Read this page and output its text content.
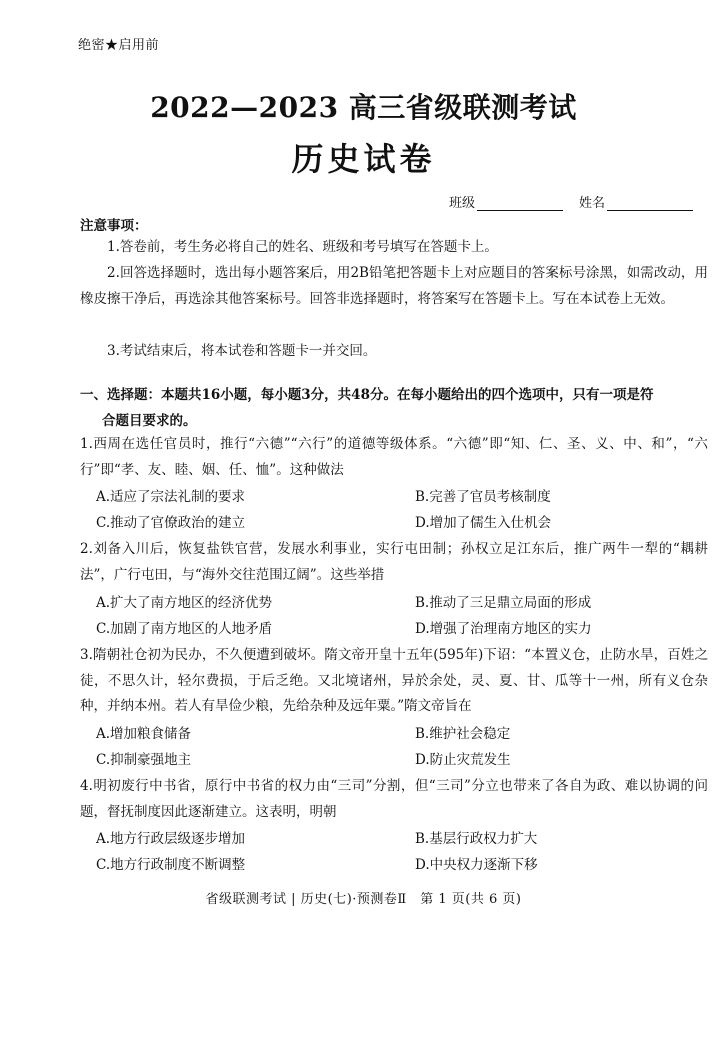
绝密★启用前
2022—2023 高三省级联测考试
历史试卷
班级	姓名
注意事项：
1.答卷前，考生务必将自己的姓名、班级和考号填写在答题卡上。
2.回答选择题时，选出每小题答案后，用2B铅笔把答题卡上对应题目的答案标号涂黑，如需改动，用橡皮擦干净后，再选涂其他答案标号。回答非选择题时，将答案写在答题卡上。写在本试卷上无效。
3.考试结束后，将本试卷和答题卡一并交回。
一、选择题：本题共16小题，每小题3分，共48分。在每小题给出的四个选项中，只有一项是符
合题目要求的。
1.西周在选任官员时，推行“六德”“六行”的道德等级体系。“六德”即“知、仁、圣、义、中、和”，“六行”即“孝、友、睦、姻、任、恤”。这种做法
A.适应了宗法礼制的要求	B.完善了官员考核制度
C.推动了官僚政治的建立	D.增加了儒生入仕机会
2.刘备入川后，恢复盐铁官营，发展水利事业，实行屯田制；孙权立足江东后，推广两牛一犁的“耦耕法”，广行屯田，与“海外交往范围辽阔”。这些举措
A.扩大了南方地区的经济优势	B.推动了三足鼎立局面的形成
C.加剧了南方地区的人地矛盾	D.增强了治理南方地区的实力
3.隋朝社仓初为民办，不久便遭到破坏。隋文帝开皇十五年(595年)下诏：“本置义仓，止防水旱，百姓之徒，不思久计，轻尔费损，于后乏绝。又北境诸州，异於余处，灵、夏、甘、瓜等十一州，所有义仓杂种，并纳本州。若人有旱俭少粮，先给杂种及远年粟。”隋文帝旨在
A.增加粮食储备	B.维护社会稳定
C.抑制豪强地主	D.防止灾荒发生
4.明初废行中书省，原行中书省的权力由“三司”分割，但“三司”分立也带来了各自为政、难以协调的问题，督抚制度因此逐渐建立。这表明，明朝
A.地方行政层级逐步增加	B.基层行政权力扩大
C.地方行政制度不断调整	D.中央权力逐渐下移
省级联测考试 | 历史(七)·预测卷Ⅱ　第 1 页(共 6 页)
